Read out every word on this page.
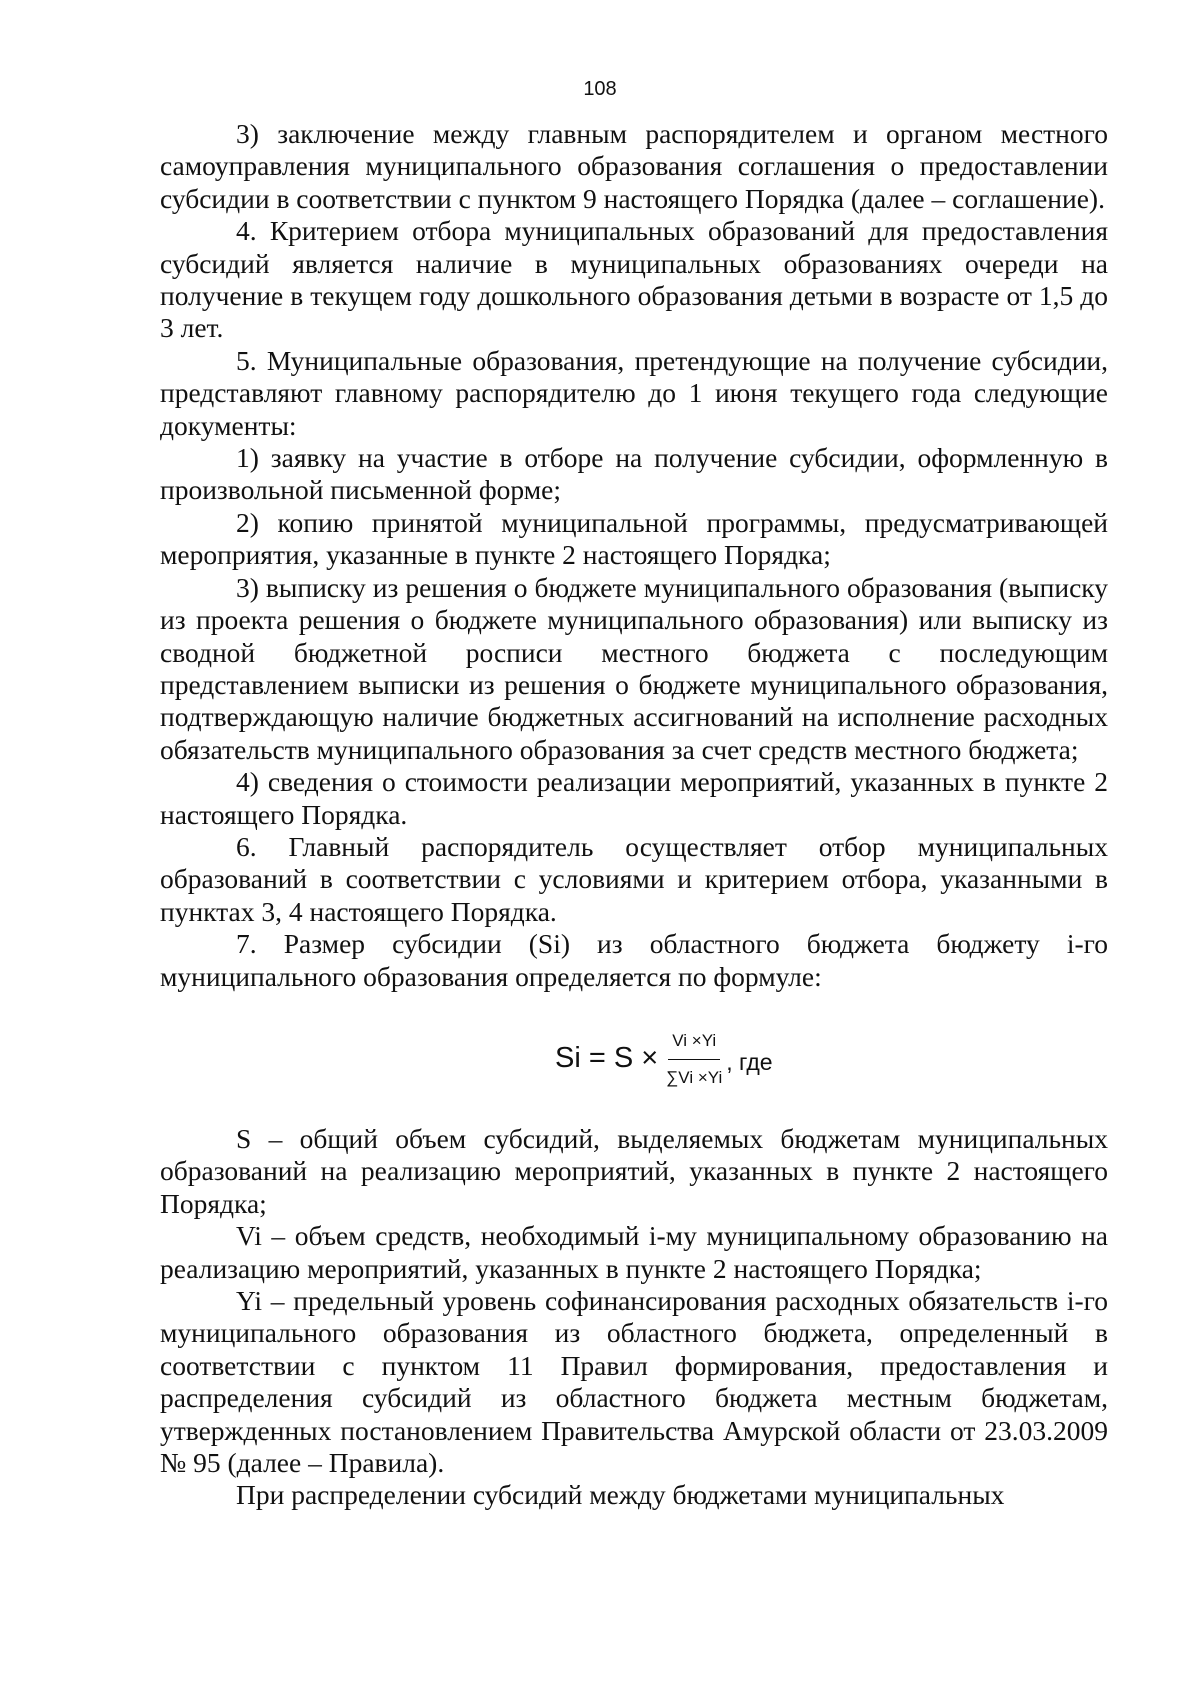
108

3) заключение между главным распорядителем и органом местного самоуправления муниципального образования соглашения о предоставлении субсидии в соответствии с пунктом 9 настоящего Порядка (далее – соглашение).

4. Критерием отбора муниципальных образований для предоставления субсидий является наличие в муниципальных образованиях очереди на получение в текущем году дошкольного образования детьми в возрасте от 1,5 до 3 лет.

5. Муниципальные образования, претендующие на получение субсидии, представляют главному распорядителю до 1 июня текущего года следующие документы:

1) заявку на участие в отборе на получение субсидии, оформленную в произвольной письменной форме;

2) копию принятой муниципальной программы, предусматривающей мероприятия, указанные в пункте 2 настоящего Порядка;

3) выписку из решения о бюджете муниципального образования (выписку из проекта решения о бюджете муниципального образования) или выписку из сводной бюджетной росписи местного бюджета с последующим представлением выписки из решения о бюджете муниципального образования, подтверждающую наличие бюджетных ассигнований на исполнение расходных обязательств муниципального образования за счет средств местного бюджета;

4) сведения о стоимости реализации мероприятий, указанных в пункте 2 настоящего Порядка.

6. Главный распорядитель осуществляет отбор муниципальных образований в соответствии с условиями и критерием отбора, указанными в пунктах 3, 4 настоящего Порядка.

7. Размер субсидии (Si) из областного бюджета бюджету i-го муниципального образования определяется по формуле:

$Si = S \times \frac{Vi \times Yi}{\sum Vi \times Yi}$ , где

S – общий объем субсидий, выделяемых бюджетам муниципальных образований на реализацию мероприятий, указанных в пункте 2 настоящего Порядка;

Vi – объем средств, необходимый i-му муниципальному образованию на реализацию мероприятий, указанных в пункте 2 настоящего Порядка;

Yi – предельный уровень софинансирования расходных обязательств i-го муниципального образования из областного бюджета, определенный в соответствии с пунктом 11 Правил формирования, предоставления и распределения субсидий из областного бюджета местным бюджетам, утвержденных постановлением Правительства Амурской области от 23.03.2009 № 95 (далее – Правила).

При распределении субсидий между бюджетами муниципальных
